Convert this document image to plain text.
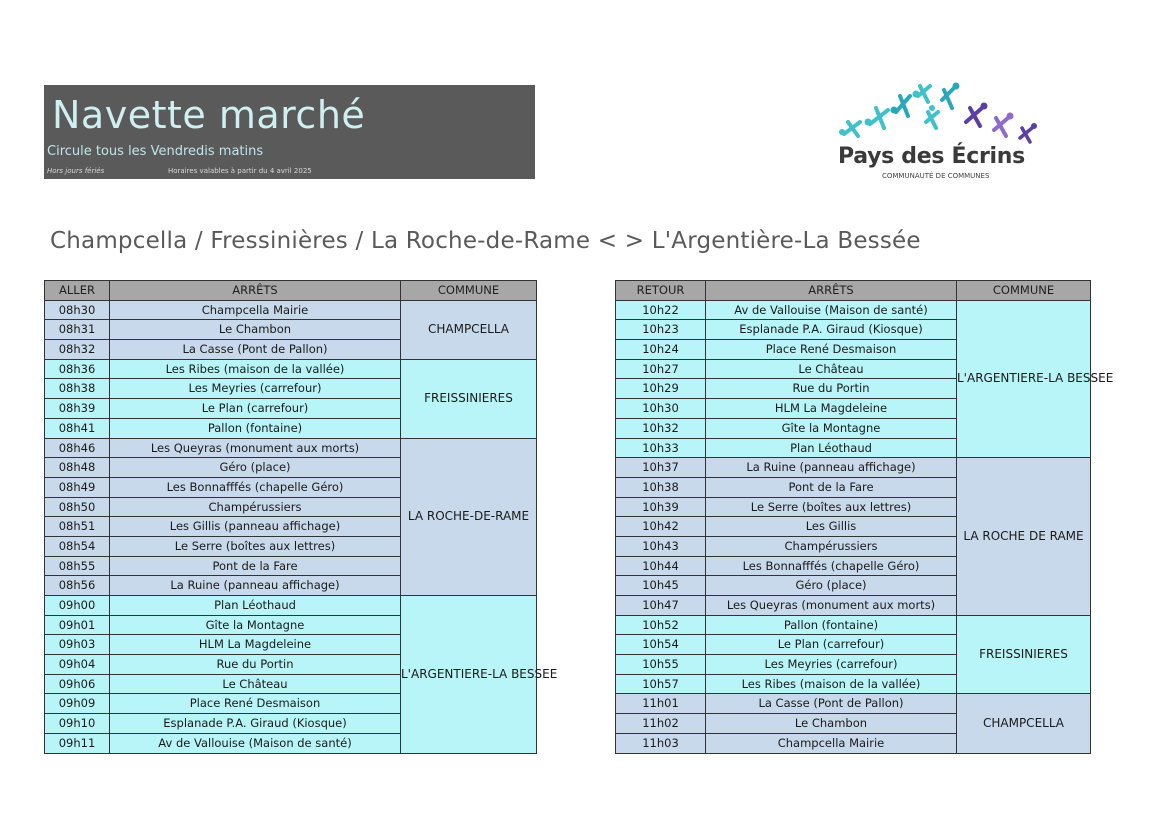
Navette marché
Circule tous les Vendredis matins
Hors jours fériés	Horaires valables à partir du 4 avril 2025
Pays des Écrins
COMMUNAUTÉ DE COMMUNES
Champcella / Fressinières / La Roche-de-Rame < > L'Argentière-La Bessée
ALLER	ARRÊTS	COMMUNE
08h30	Champcella Mairie	CHAMPCELLA
08h31	Le Chambon	
08h32	La Casse (Pont de Pallon)	
08h36	Les Ribes (maison de la vallée)	FREISSINIERES
08h38	Les Meyries (carrefour)	
08h39	Le Plan (carrefour)	
08h41	Pallon (fontaine)	
08h46	Les Queyras (monument aux morts)	LA ROCHE-DE-RAME
08h48	Géro (place)	
08h49	Les Bonnafffés (chapelle Géro)	
08h50	Champérussiers	
08h51	Les Gillis (panneau affichage)	
08h54	Le Serre (boîtes aux lettres)	
08h55	Pont de la Fare	
08h56	La Ruine (panneau affichage)	
09h00	Plan Léothaud	L'ARGENTIERE-LA BESSEE
09h01	Gîte la Montagne	
09h03	HLM La Magdeleine	
09h04	Rue du Portin	
09h06	Le Château	
09h09	Place René Desmaison	
09h10	Esplanade P.A. Giraud (Kiosque)	
09h11	Av de Vallouise (Maison de santé)	
RETOUR	ARRÊTS	COMMUNE
10h22	Av de Vallouise (Maison de santé)	L'ARGENTIERE-LA BESSEE
10h23	Esplanade P.A. Giraud (Kiosque)	
10h24	Place René Desmaison	
10h27	Le Château	
10h29	Rue du Portin	
10h30	HLM La Magdeleine	
10h32	Gîte la Montagne	
10h33	Plan Léothaud	
10h37	La Ruine (panneau affichage)	LA ROCHE DE RAME
10h38	Pont de la Fare	
10h39	Le Serre (boîtes aux lettres)	
10h42	Les Gillis	
10h43	Champérussiers	
10h44	Les Bonnafffés (chapelle Géro)	
10h45	Géro (place)	
10h47	Les Queyras (monument aux morts)	
10h52	Pallon (fontaine)	FREISSINIERES
10h54	Le Plan (carrefour)	
10h55	Les Meyries (carrefour)	
10h57	Les Ribes (maison de la vallée)	
11h01	La Casse (Pont de Pallon)	CHAMPCELLA
11h02	Le Chambon	
11h03	Champcella Mairie	
